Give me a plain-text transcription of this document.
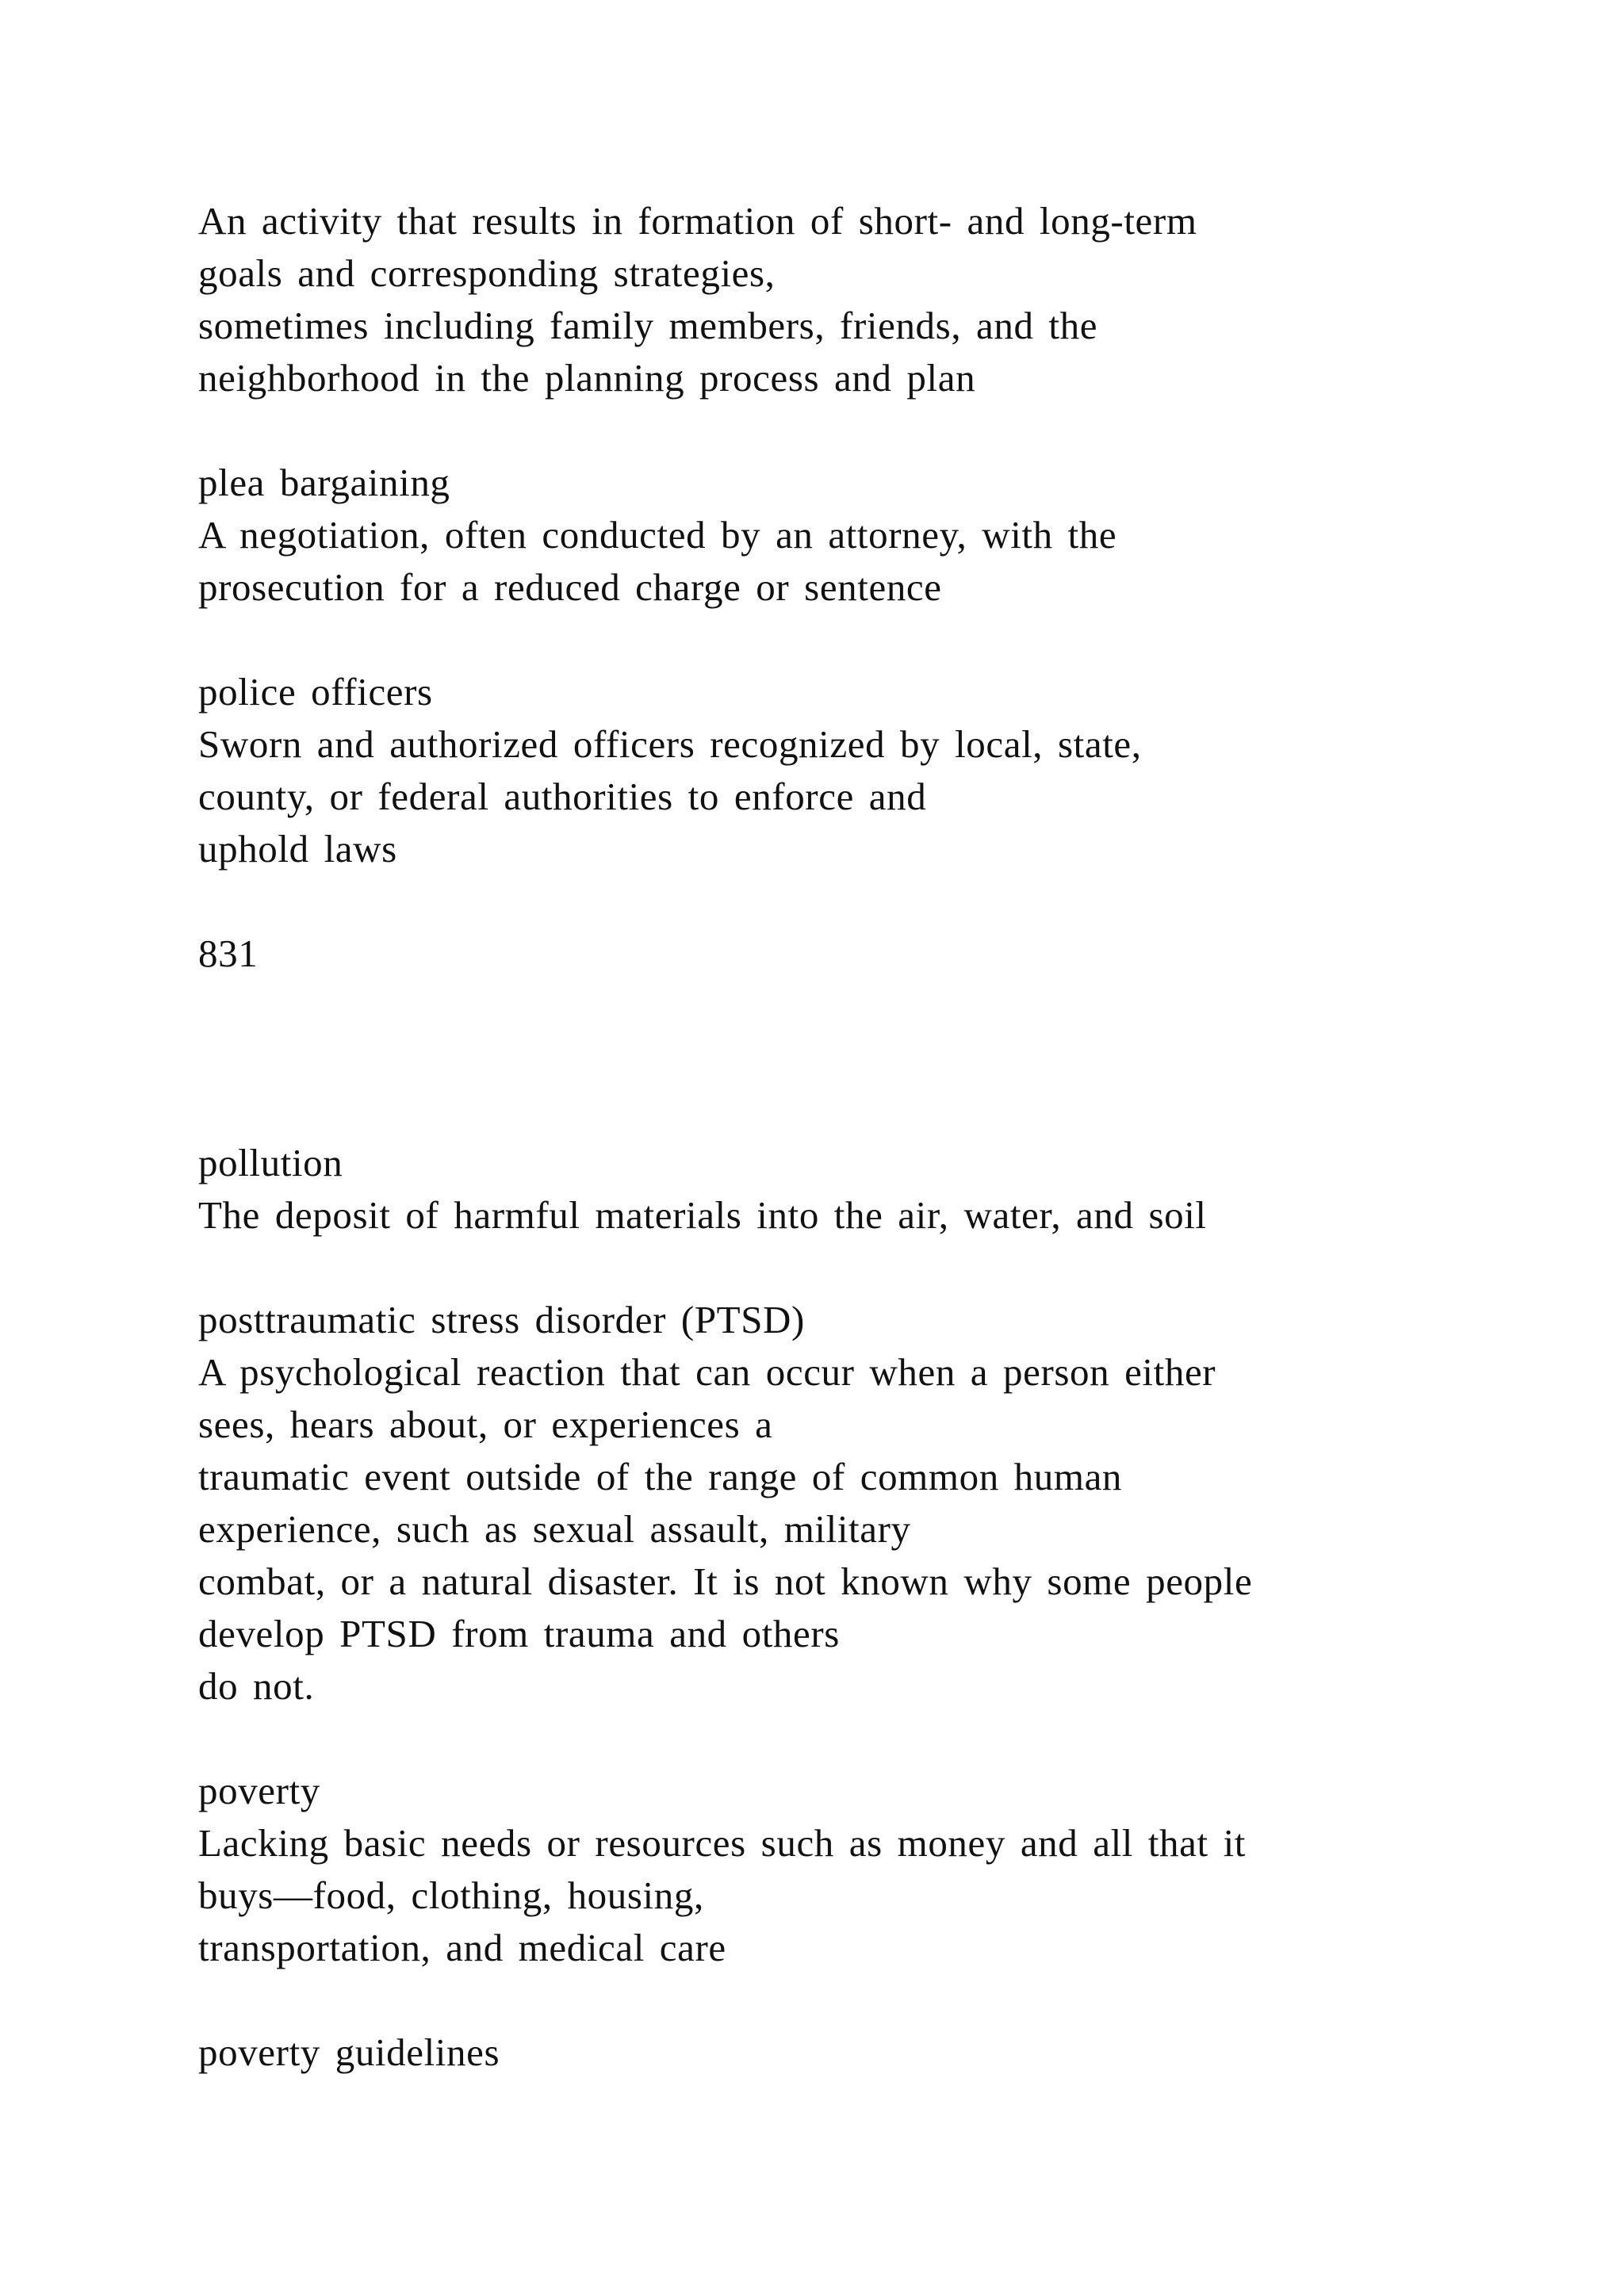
An activity that results in formation of short- and long-term
goals and corresponding strategies,
sometimes including family members, friends, and the
neighborhood in the planning process and plan
plea bargaining
A negotiation, often conducted by an attorney, with the
prosecution for a reduced charge or sentence
police officers
Sworn and authorized officers recognized by local, state,
county, or federal authorities to enforce and
uphold laws
831
pollution
The deposit of harmful materials into the air, water, and soil
posttraumatic stress disorder (PTSD)
A psychological reaction that can occur when a person either
sees, hears about, or experiences a
traumatic event outside of the range of common human
experience, such as sexual assault, military
combat, or a natural disaster. It is not known why some people
develop PTSD from trauma and others
do not.
poverty
Lacking basic needs or resources such as money and all that it
buys—food, clothing, housing,
transportation, and medical care
poverty guidelines
